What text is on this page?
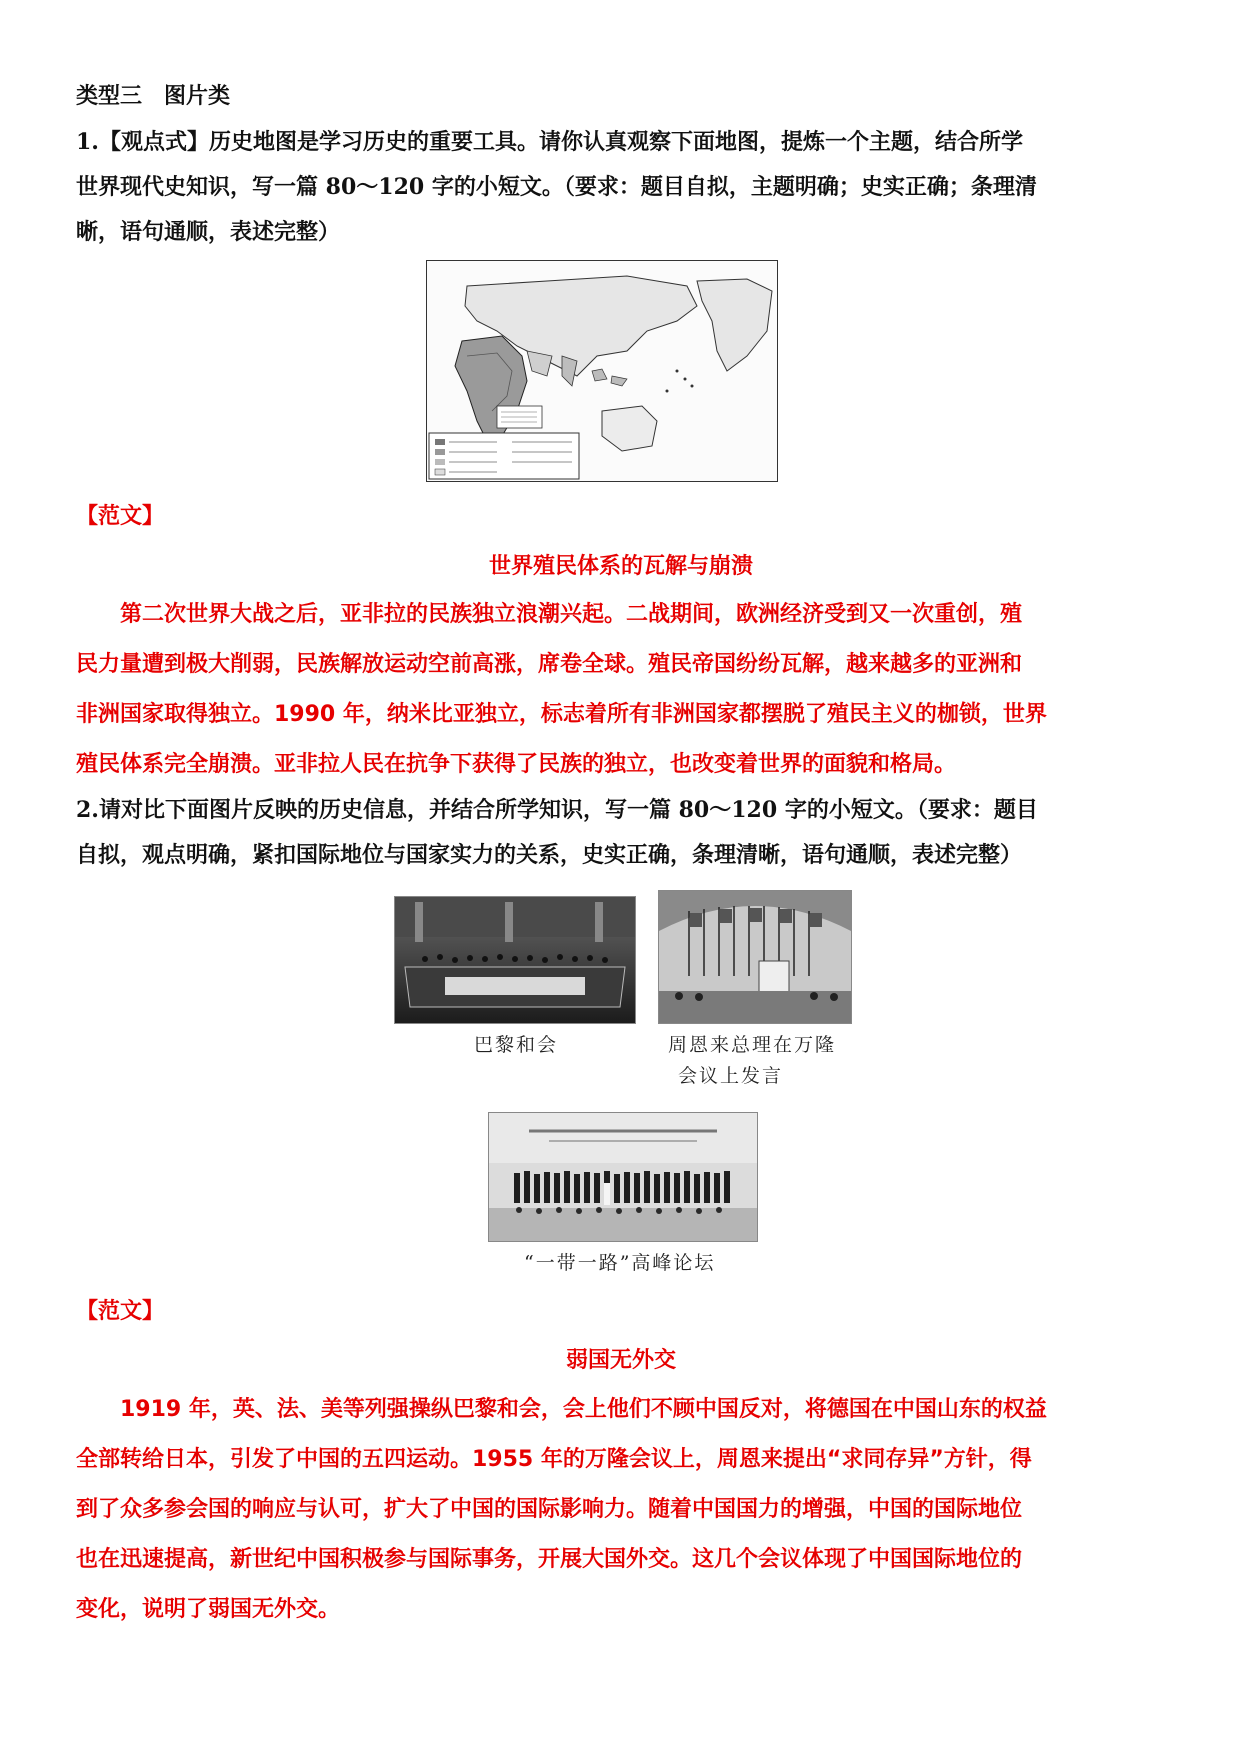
类型三　图片类
1.【观点式】历史地图是学习历史的重要工具。请你认真观察下面地图，提炼一个主题，结合所学
世界现代史知识，写一篇 80～120 字的小短文。（要求：题目自拟，主题明确；史实正确；条理清
晰，语句通顺，表述完整）
【范文】
世界殖民体系的瓦解与崩溃
第二次世界大战之后，亚非拉的民族独立浪潮兴起。二战期间，欧洲经济受到又一次重创，殖
民力量遭到极大削弱，民族解放运动空前高涨，席卷全球。殖民帝国纷纷瓦解，越来越多的亚洲和
非洲国家取得独立。1990 年，纳米比亚独立，标志着所有非洲国家都摆脱了殖民主义的枷锁，世界
殖民体系完全崩溃。亚非拉人民在抗争下获得了民族的独立，也改变着世界的面貌和格局。
2.请对比下面图片反映的历史信息，并结合所学知识，写一篇 80～120 字的小短文。（要求：题目
自拟，观点明确，紧扣国际地位与国家实力的关系，史实正确，条理清晰，语句通顺，表述完整）
巴黎和会	周恩来总理在万隆
会议上发言
“一带一路”高峰论坛
【范文】
弱国无外交
1919 年，英、法、美等列强操纵巴黎和会，会上他们不顾中国反对，将德国在中国山东的权益
全部转给日本，引发了中国的五四运动。1955 年的万隆会议上，周恩来提出“求同存异”方针，得
到了众多参会国的响应与认可，扩大了中国的国际影响力。随着中国国力的增强，中国的国际地位
也在迅速提高，新世纪中国积极参与国际事务，开展大国外交。这几个会议体现了中国国际地位的
变化，说明了弱国无外交。
